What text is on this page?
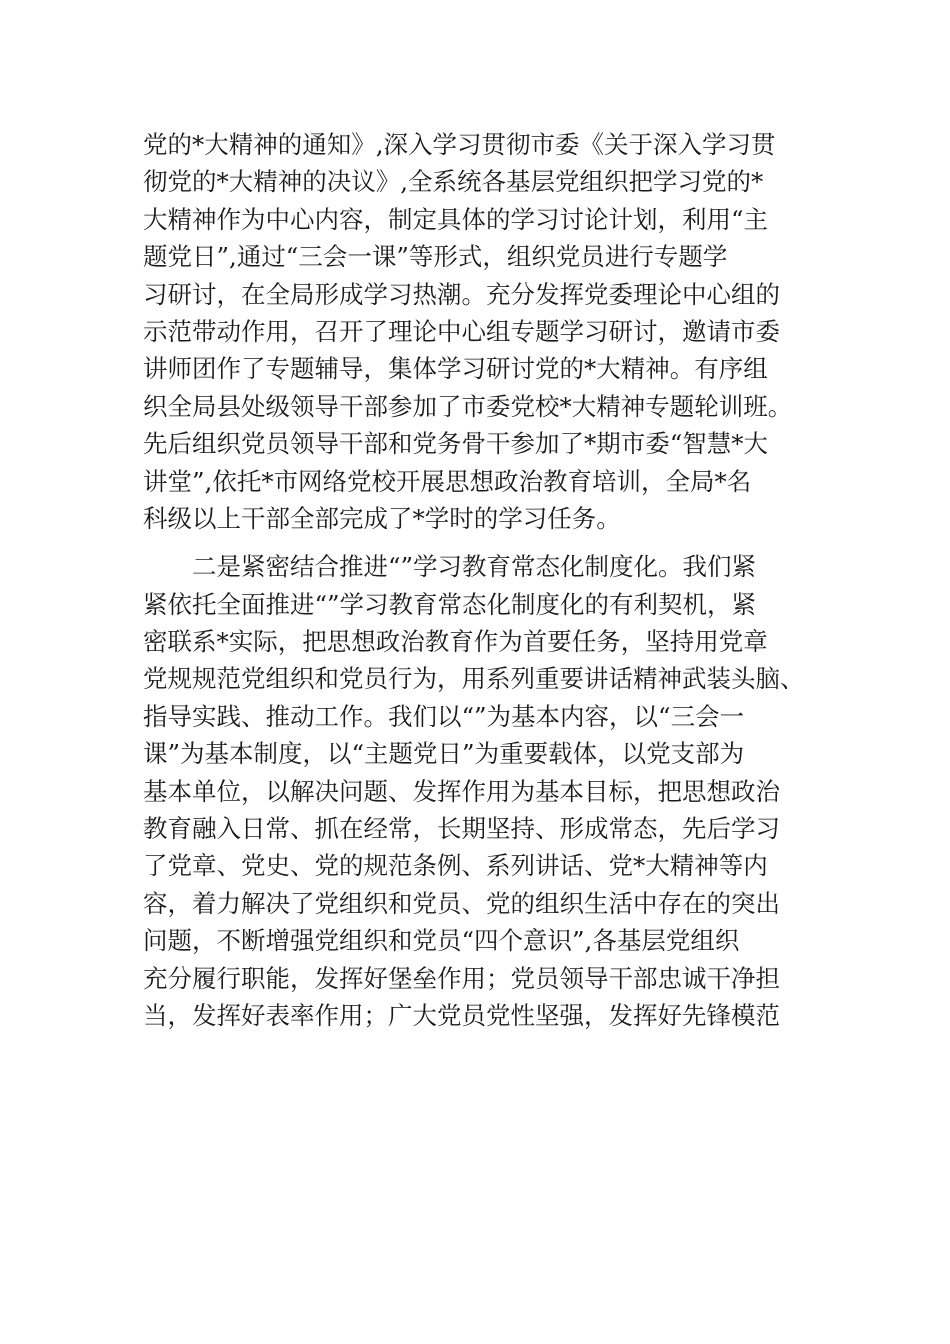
党的*大精神的通知》,深入学习贯彻市委《关于深入学习贯
彻党的*大精神的决议》,全系统各基层党组织把学习党的*
大精神作为中心内容，制定具体的学习讨论计划，利用“主
题党日”,通过“三会一课”等形式，组织党员进行专题学
习研讨，在全局形成学习热潮。充分发挥党委理论中心组的
示范带动作用，召开了理论中心组专题学习研讨，邀请市委
讲师团作了专题辅导，集体学习研讨党的*大精神。有序组
织全局县处级领导干部参加了市委党校*大精神专题轮训班。
先后组织党员领导干部和党务骨干参加了*期市委“智慧*大
讲堂”,依托*市网络党校开展思想政治教育培训，全局*名
科级以上干部全部完成了*学时的学习任务。
　　二是紧密结合推进“”学习教育常态化制度化。我们紧
紧依托全面推进“”学习教育常态化制度化的有利契机，紧
密联系*实际，把思想政治教育作为首要任务，坚持用党章
党规规范党组织和党员行为，用系列重要讲话精神武装头脑、
指导实践、推动工作。我们以“”为基本内容，以“三会一
课”为基本制度，以“主题党日”为重要载体，以党支部为
基本单位，以解决问题、发挥作用为基本目标，把思想政治
教育融入日常、抓在经常，长期坚持、形成常态，先后学习
了党章、党史、党的规范条例、系列讲话、党*大精神等内
容，着力解决了党组织和党员、党的组织生活中存在的突出
问题，不断增强党组织和党员“四个意识”,各基层党组织
充分履行职能，发挥好堡垒作用；党员领导干部忠诚干净担
当，发挥好表率作用；广大党员党性坚强，发挥好先锋模范
